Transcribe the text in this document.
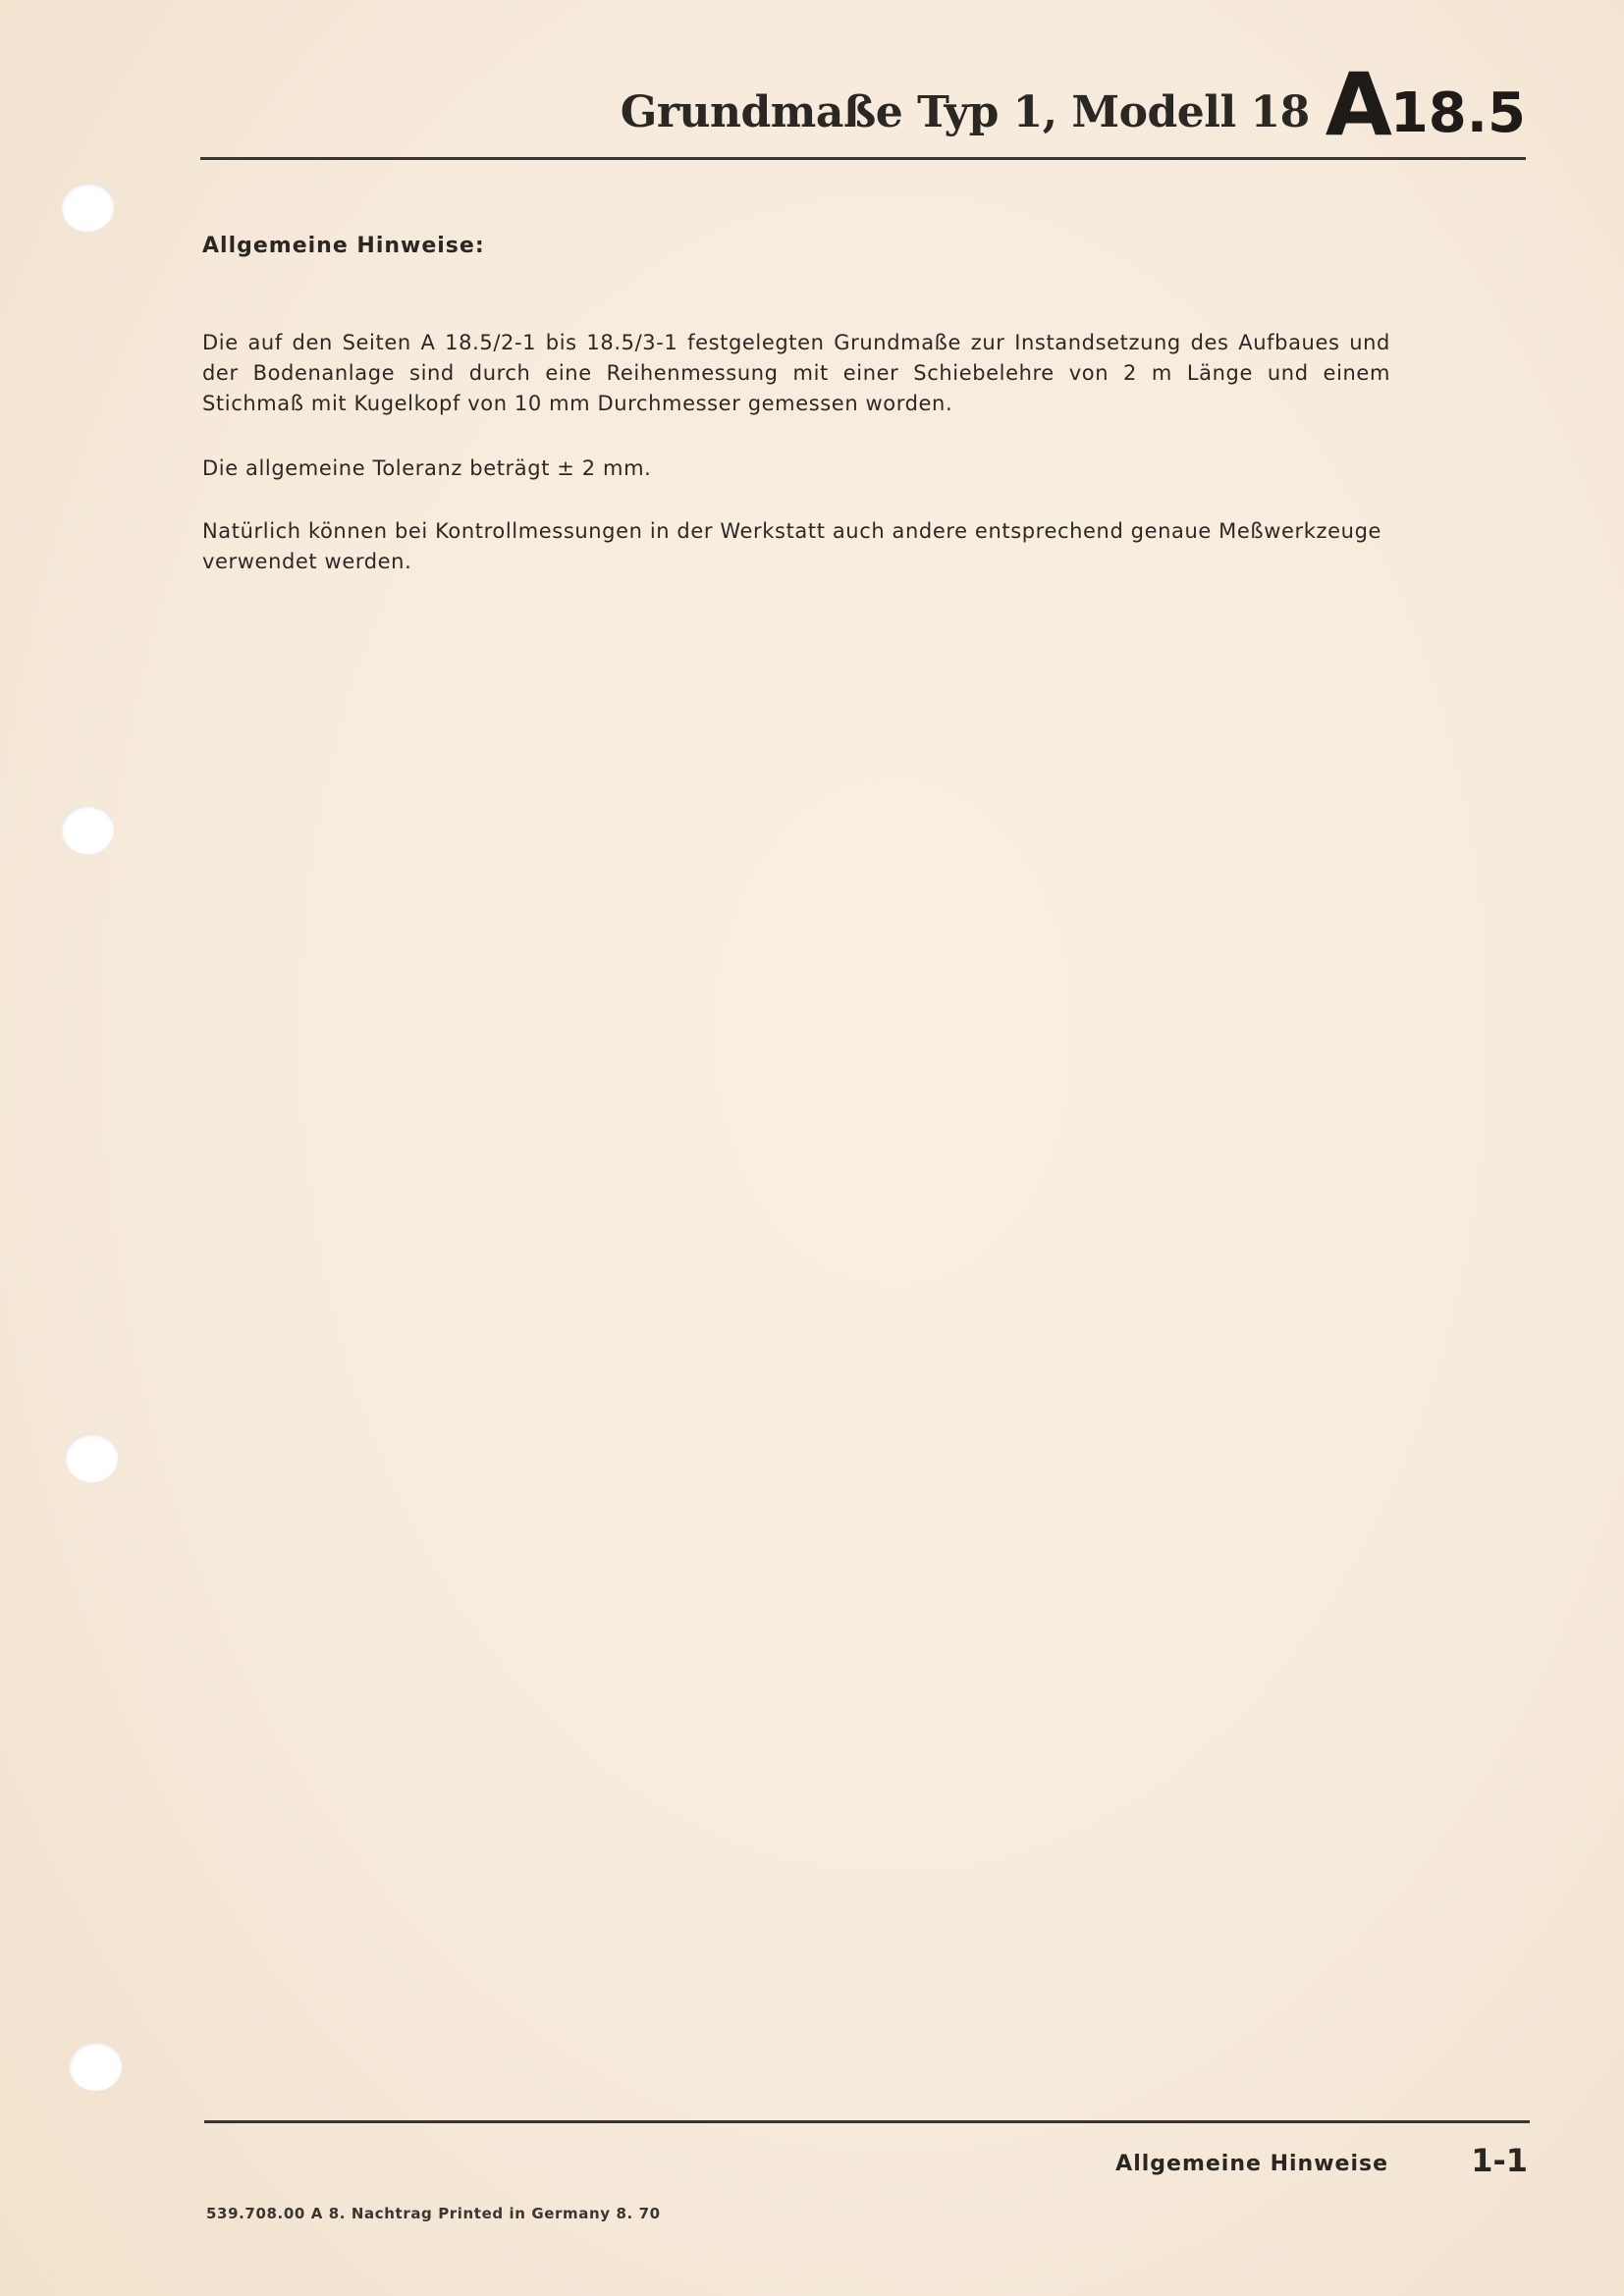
Grundmaße Typ 1, Modell 18 A 18.5
Allgemeine Hinweise:

Die auf den Seiten A 18.5/2-1 bis 18.5/3-1 festgelegten Grundmaße zur Instandsetzung des Aufbaues und der Bodenanlage sind durch eine Reihenmessung mit einer Schiebelehre von 2 m Länge und einem Stichmaß mit Kugelkopf von 10 mm Durchmesser gemessen worden.

Die allgemeine Toleranz beträgt ± 2 mm.

Natürlich können bei Kontrollmessungen in der Werkstatt auch andere entsprechend genaue Meßwerkzeuge verwendet werden.

Allgemeine Hinweise	1-1
539.708.00 A 8. Nachtrag Printed in Germany 8. 70
